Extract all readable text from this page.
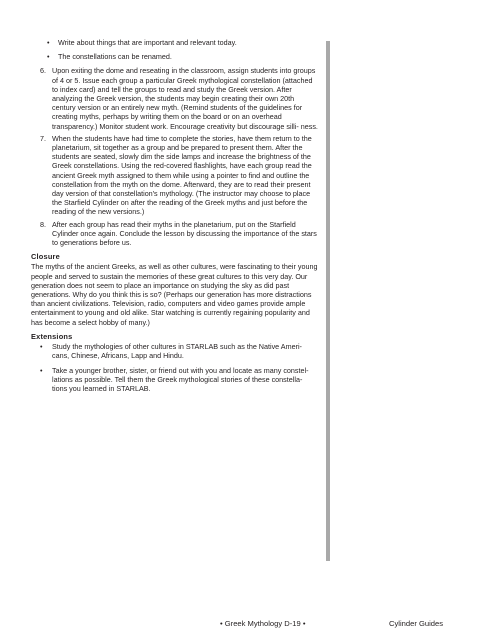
• Write about things that are important and relevant today.
• The constellations can be renamed.
6. Upon exiting the dome and reseating in the classroom, assign students into groups of 4 or 5. Issue each group a particular Greek mythological constellation (attached to index card) and tell the groups to read and study the Greek version. After analyzing the Greek version, the students may begin creating their own 20th century version or an entirely new myth. (Remind students of the guidelines for creating myths, perhaps by writing them on the board or on an overhead transparency.) Monitor student work. Encourage creativity but discourage silli- ness.
7. When the students have had time to complete the stories, have them return to the planetarium, sit together as a group and be prepared to present them. After the students are seated, slowly dim the side lamps and increase the brightness of the Greek constellations. Using the red-covered flashlights, have each group read the ancient Greek myth assigned to them while using a pointer to find and outline the constellation from the myth on the dome. Afterward, they are to read their present day version of that constellation's mythology. (The instructor may choose to place the Starfield Cylinder on after the reading of the Greek myths and just before the reading of the new versions.)
8. After each group has read their myths in the planetarium, put on the Starfield Cylinder once again. Conclude the lesson by discussing the importance of the stars to generations before us.
Closure
The myths of the ancient Greeks, as well as other cultures, were fascinating to their young people and served to sustain the memories of these great cultures to this very day. Our generation does not seem to place an importance on studying the sky as did past generations. Why do you think this is so? (Perhaps our generation has more distractions than ancient civilizations. Television, radio, computers and video games provide ample entertainment to young and old alike. Star watching is currently regaining popularity and has become a select hobby of many.)
Extensions
• Study the mythologies of other cultures in STARLAB such as the Native Ameri- cans, Chinese, Africans, Lapp and Hindu.
• Take a younger brother, sister, or friend out with you and locate as many constel- lations as possible. Tell them the Greek mythological stories of these constella- tions you learned in STARLAB.
• Greek Mythology D-19 •	Cylinder Guides
